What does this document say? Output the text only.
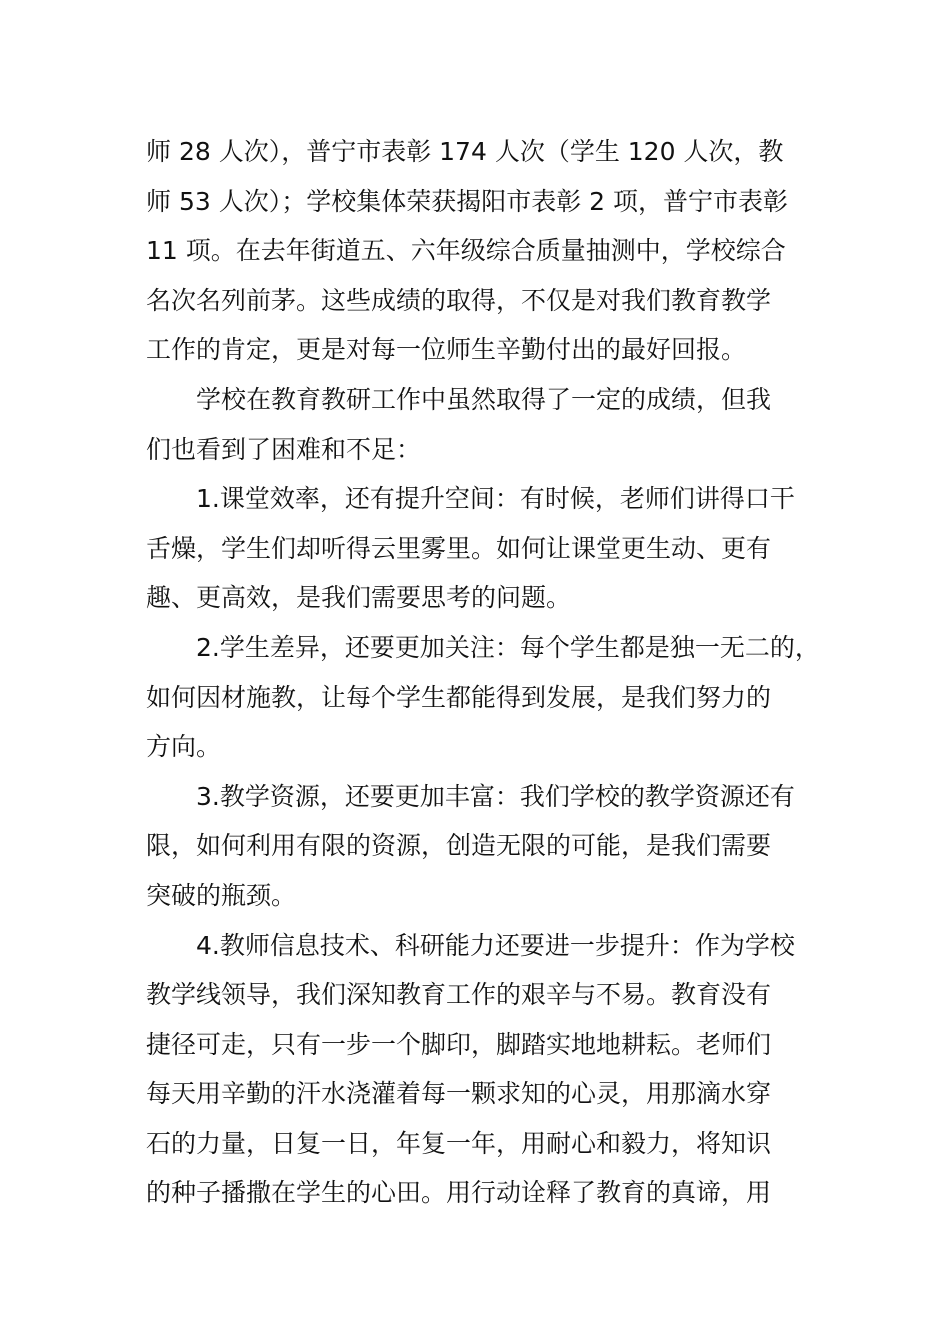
师 28 人次），普宁市表彰 174 人次（学生 120 人次，教
师 53 人次）；学校集体荣获揭阳市表彰 2 项，普宁市表彰
11 项。在去年街道五、六年级综合质量抽测中，学校综合
名次名列前茅。这些成绩的取得，不仅是对我们教育教学
工作的肯定，更是对每一位师生辛勤付出的最好回报。
学校在教育教研工作中虽然取得了一定的成绩，但我
们也看到了困难和不足：
1.课堂效率，还有提升空间：有时候，老师们讲得口干
舌燥，学生们却听得云里雾里。如何让课堂更生动、更有
趣、更高效，是我们需要思考的问题。
2.学生差异，还要更加关注：每个学生都是独一无二的，
如何因材施教，让每个学生都能得到发展，是我们努力的
方向。
3.教学资源，还要更加丰富：我们学校的教学资源还有
限，如何利用有限的资源，创造无限的可能，是我们需要
突破的瓶颈。
4.教师信息技术、科研能力还要进一步提升：作为学校
教学线领导，我们深知教育工作的艰辛与不易。教育没有
捷径可走，只有一步一个脚印，脚踏实地地耕耘。老师们
每天用辛勤的汗水浇灌着每一颗求知的心灵，用那滴水穿
石的力量，日复一日，年复一年，用耐心和毅力，将知识
的种子播撒在学生的心田。用行动诠释了教育的真谛，用
